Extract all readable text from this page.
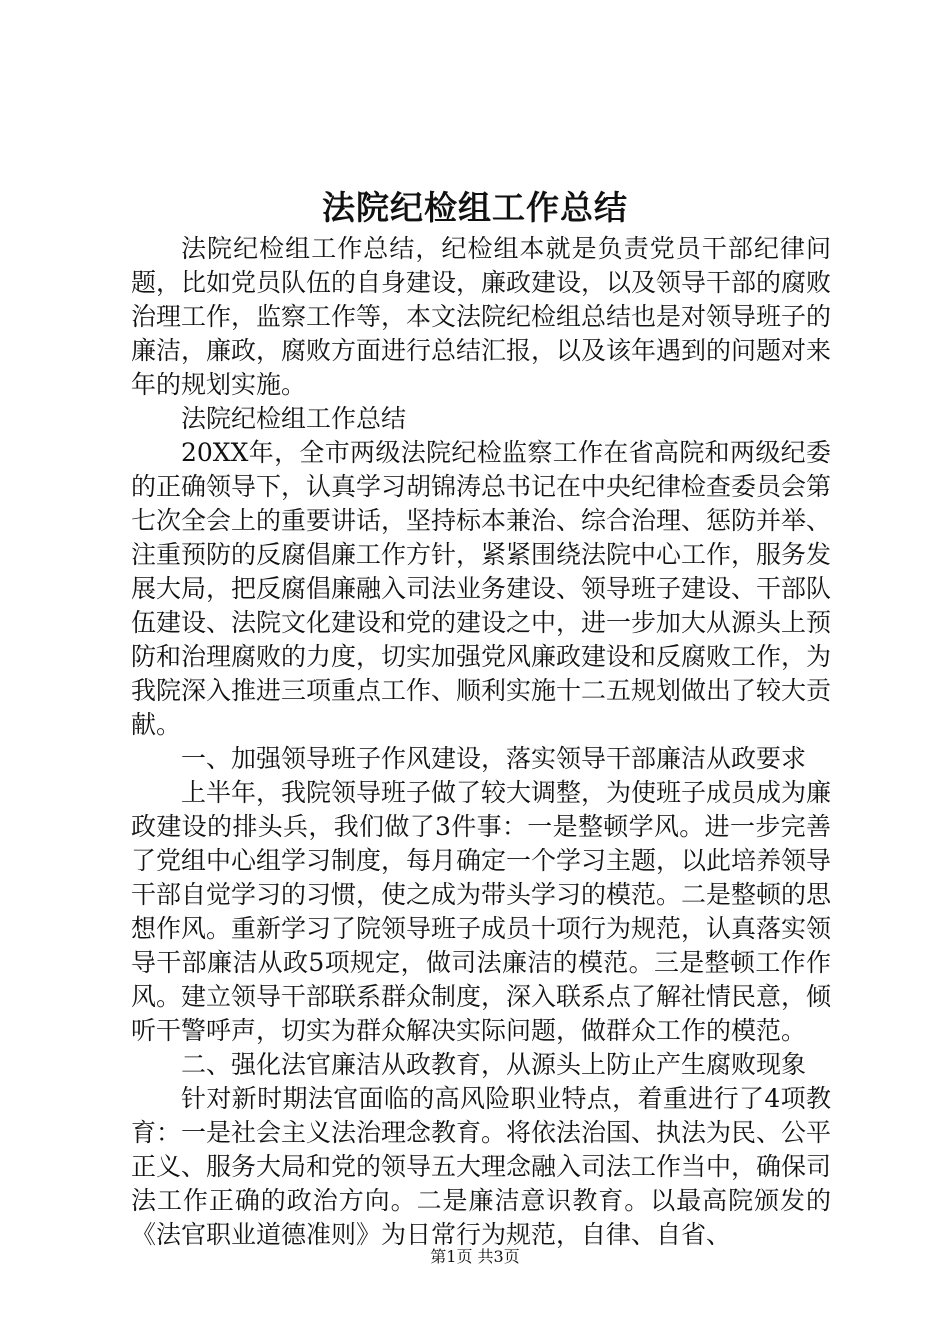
法院纪检组工作总结

法院纪检组工作总结，纪检组本就是负责党员干部纪律问题，比如党员队伍的自身建设，廉政建设，以及领导干部的腐败治理工作，监察工作等，本文法院纪检组总结也是对领导班子的廉洁，廉政，腐败方面进行总结汇报，以及该年遇到的问题对来年的规划实施。

法院纪检组工作总结

20XX年，全市两级法院纪检监察工作在省高院和两级纪委的正确领导下，认真学习胡锦涛总书记在中央纪律检查委员会第七次全会上的重要讲话，坚持标本兼治、综合治理、惩防并举、注重预防的反腐倡廉工作方针，紧紧围绕法院中心工作，服务发展大局，把反腐倡廉融入司法业务建设、领导班子建设、干部队伍建设、法院文化建设和党的建设之中，进一步加大从源头上预防和治理腐败的力度，切实加强党风廉政建设和反腐败工作，为我院深入推进三项重点工作、顺利实施十二五规划做出了较大贡献。

一、加强领导班子作风建设，落实领导干部廉洁从政要求

上半年，我院领导班子做了较大调整，为使班子成员成为廉政建设的排头兵，我们做了3件事：一是整顿学风。进一步完善了党组中心组学习制度，每月确定一个学习主题，以此培养领导干部自觉学习的习惯，使之成为带头学习的模范。二是整顿的思想作风。重新学习了院领导班子成员十项行为规范，认真落实领导干部廉洁从政5项规定，做司法廉洁的模范。三是整顿工作作风。建立领导干部联系群众制度，深入联系点了解社情民意，倾听干警呼声，切实为群众解决实际问题，做群众工作的模范。

二、强化法官廉洁从政教育，从源头上防止产生腐败现象

针对新时期法官面临的高风险职业特点，着重进行了4项教育：一是社会主义法治理念教育。将依法治国、执法为民、公平正义、服务大局和党的领导五大理念融入司法工作当中，确保司法工作正确的政治方向。二是廉洁意识教育。以最高院颁发的《法官职业道德准则》为日常行为规范，自律、自省、

第1页 共3页
